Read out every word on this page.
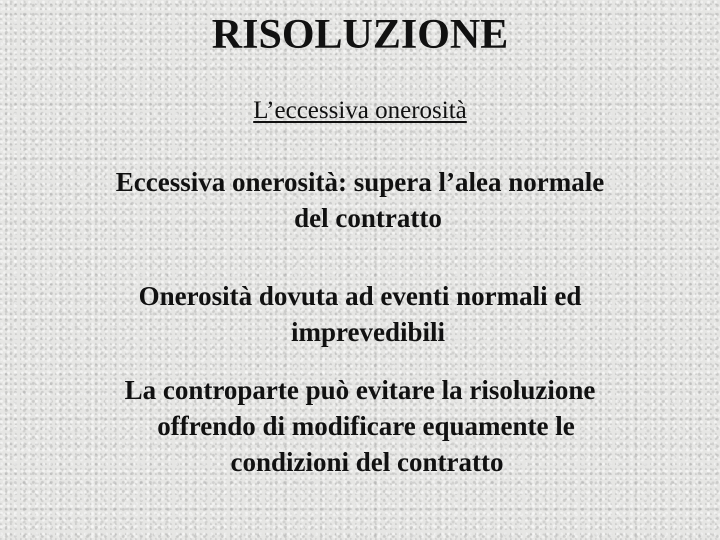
RISOLUZIONE
L’eccessiva onerosità
Eccessiva onerosità: supera l’alea normale
del contratto
Onerosità dovuta ad eventi normali ed
imprevedibili
La controparte può evitare la risoluzione
offrendo di modificare equamente le
condizioni del contratto
